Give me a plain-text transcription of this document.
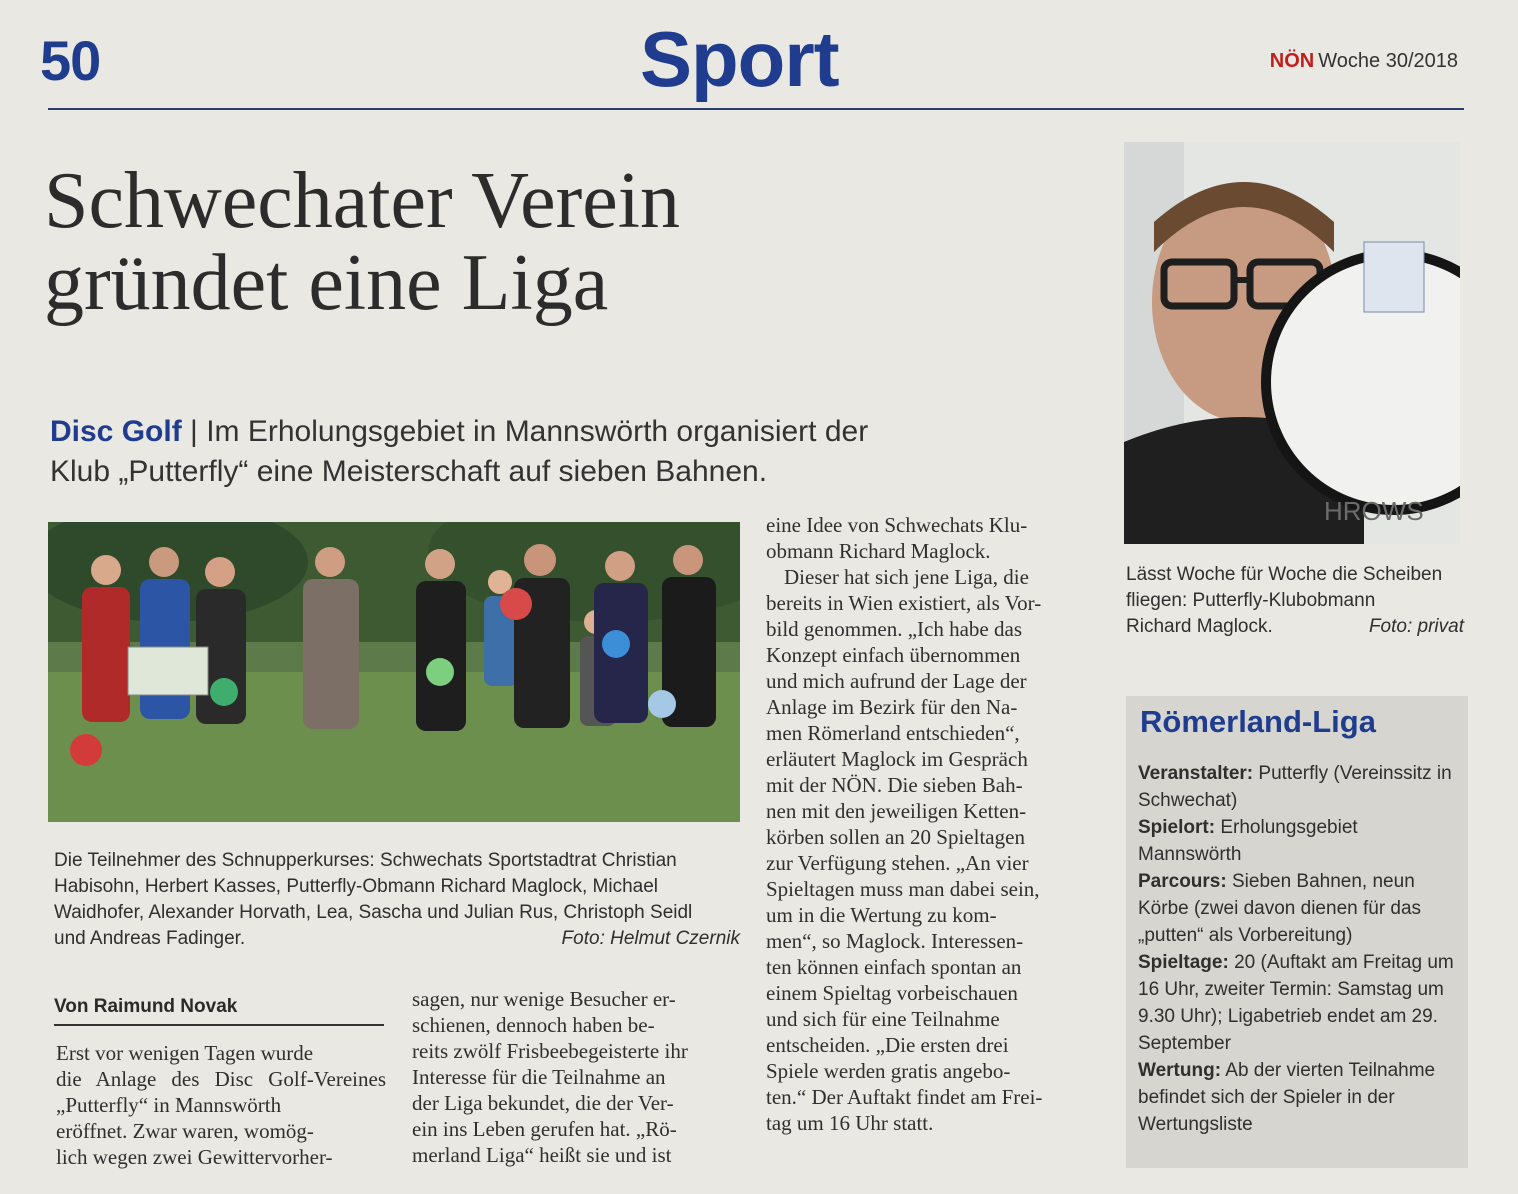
50	Sport	NÖN Woche 30/2018
Schwechater Verein
gründet eine Liga
Disc Golf | Im Erholungsgebiet in Mannswörth organisiert der
Klub „Putterfly“ eine Meisterschaft auf sieben Bahnen.
Die Teilnehmer des Schnupperkurses: Schwechats Sportstadtrat Christian
Habisohn, Herbert Kasses, Putterfly-Obmann Richard Maglock, Michael
Waidhofer, Alexander Horvath, Lea, Sascha und Julian Rus, Christoph Seidl
und Andreas Fadinger.	Foto: Helmut Czernik
Von Raimund Novak

Erst vor wenigen Tagen wurde

die Anlage des Disc Golf-Vereines „Putterfly“ in Mannswörth

eröffnet. Zwar waren, womög-

lich wegen zwei Gewittervorher-

sagen, nur wenige Besucher er-

schienen, dennoch haben be-

reits zwölf Frisbeebegeisterte ihr

Interesse für die Teilnahme an

der Liga bekundet, die der Ver-

ein ins Leben gerufen hat. „Rö-

merland Liga“ heißt sie und ist

eine Idee von Schwechats Klu-

obmann Richard Maglock.

Dieser hat sich jene Liga, die

bereits in Wien existiert, als Vor-

bild genommen. „Ich habe das

Konzept einfach übernommen

und mich aufrund der Lage der

Anlage im Bezirk für den Na-

men Römerland entschieden“,

erläutert Maglock im Gespräch

mit der NÖN. Die sieben Bah-

nen mit den jeweiligen Ketten-

körben sollen an 20 Spieltagen

zur Verfügung stehen. „An vier

Spieltagen muss man dabei sein,

um in die Wertung zu kom-

men“, so Maglock. Interessen-

ten können einfach spontan an

einem Spieltag vorbeischauen

und sich für eine Teilnahme

entscheiden. „Die ersten drei

Spiele werden gratis angebo-

ten.“ Der Auftakt findet am Frei-

tag um 16 Uhr statt.

HROWS
Lässt Woche für Woche die Scheiben
fliegen: Putterfly-Klubobmann
Richard Maglock.	Foto: privat
Römerland-Liga

Veranstalter: Putterfly (Vereinssitz in Schwechat)

Spielort: Erholungsgebiet Mannswörth

Parcours: Sieben Bahnen, neun Körbe (zwei davon dienen für das „putten“ als Vorbereitung)

Spieltage: 20 (Auftakt am Freitag um 16 Uhr, zweiter Termin: Samstag um 9.30 Uhr); Ligabetrieb endet am 29. September

Wertung: Ab der vierten Teilnahme befindet sich der Spieler in der Wertungsliste
